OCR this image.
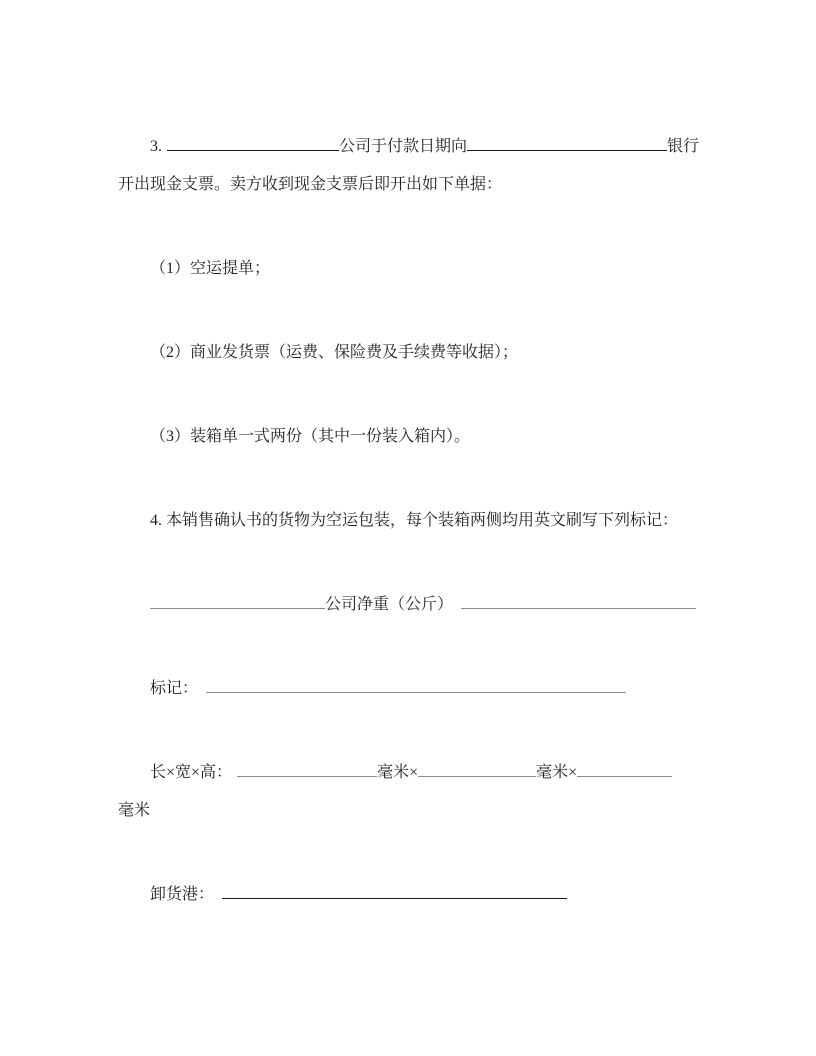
3.	公司于付款日期向	银行
开出现金支票。卖方收到现金支票后即开出如下单据：

（1）空运提单；

（2）商业发货票（运费、保险费及手续费等收据）；

（3）装箱单一式两份（其中一份装入箱内）。

4. 本销售确认书的货物为空运包装，每个装箱两侧均用英文刷写下列标记：

公司净重（公斤）

标记：

长×宽×高：	毫米×	毫米×
毫米

卸货港：
